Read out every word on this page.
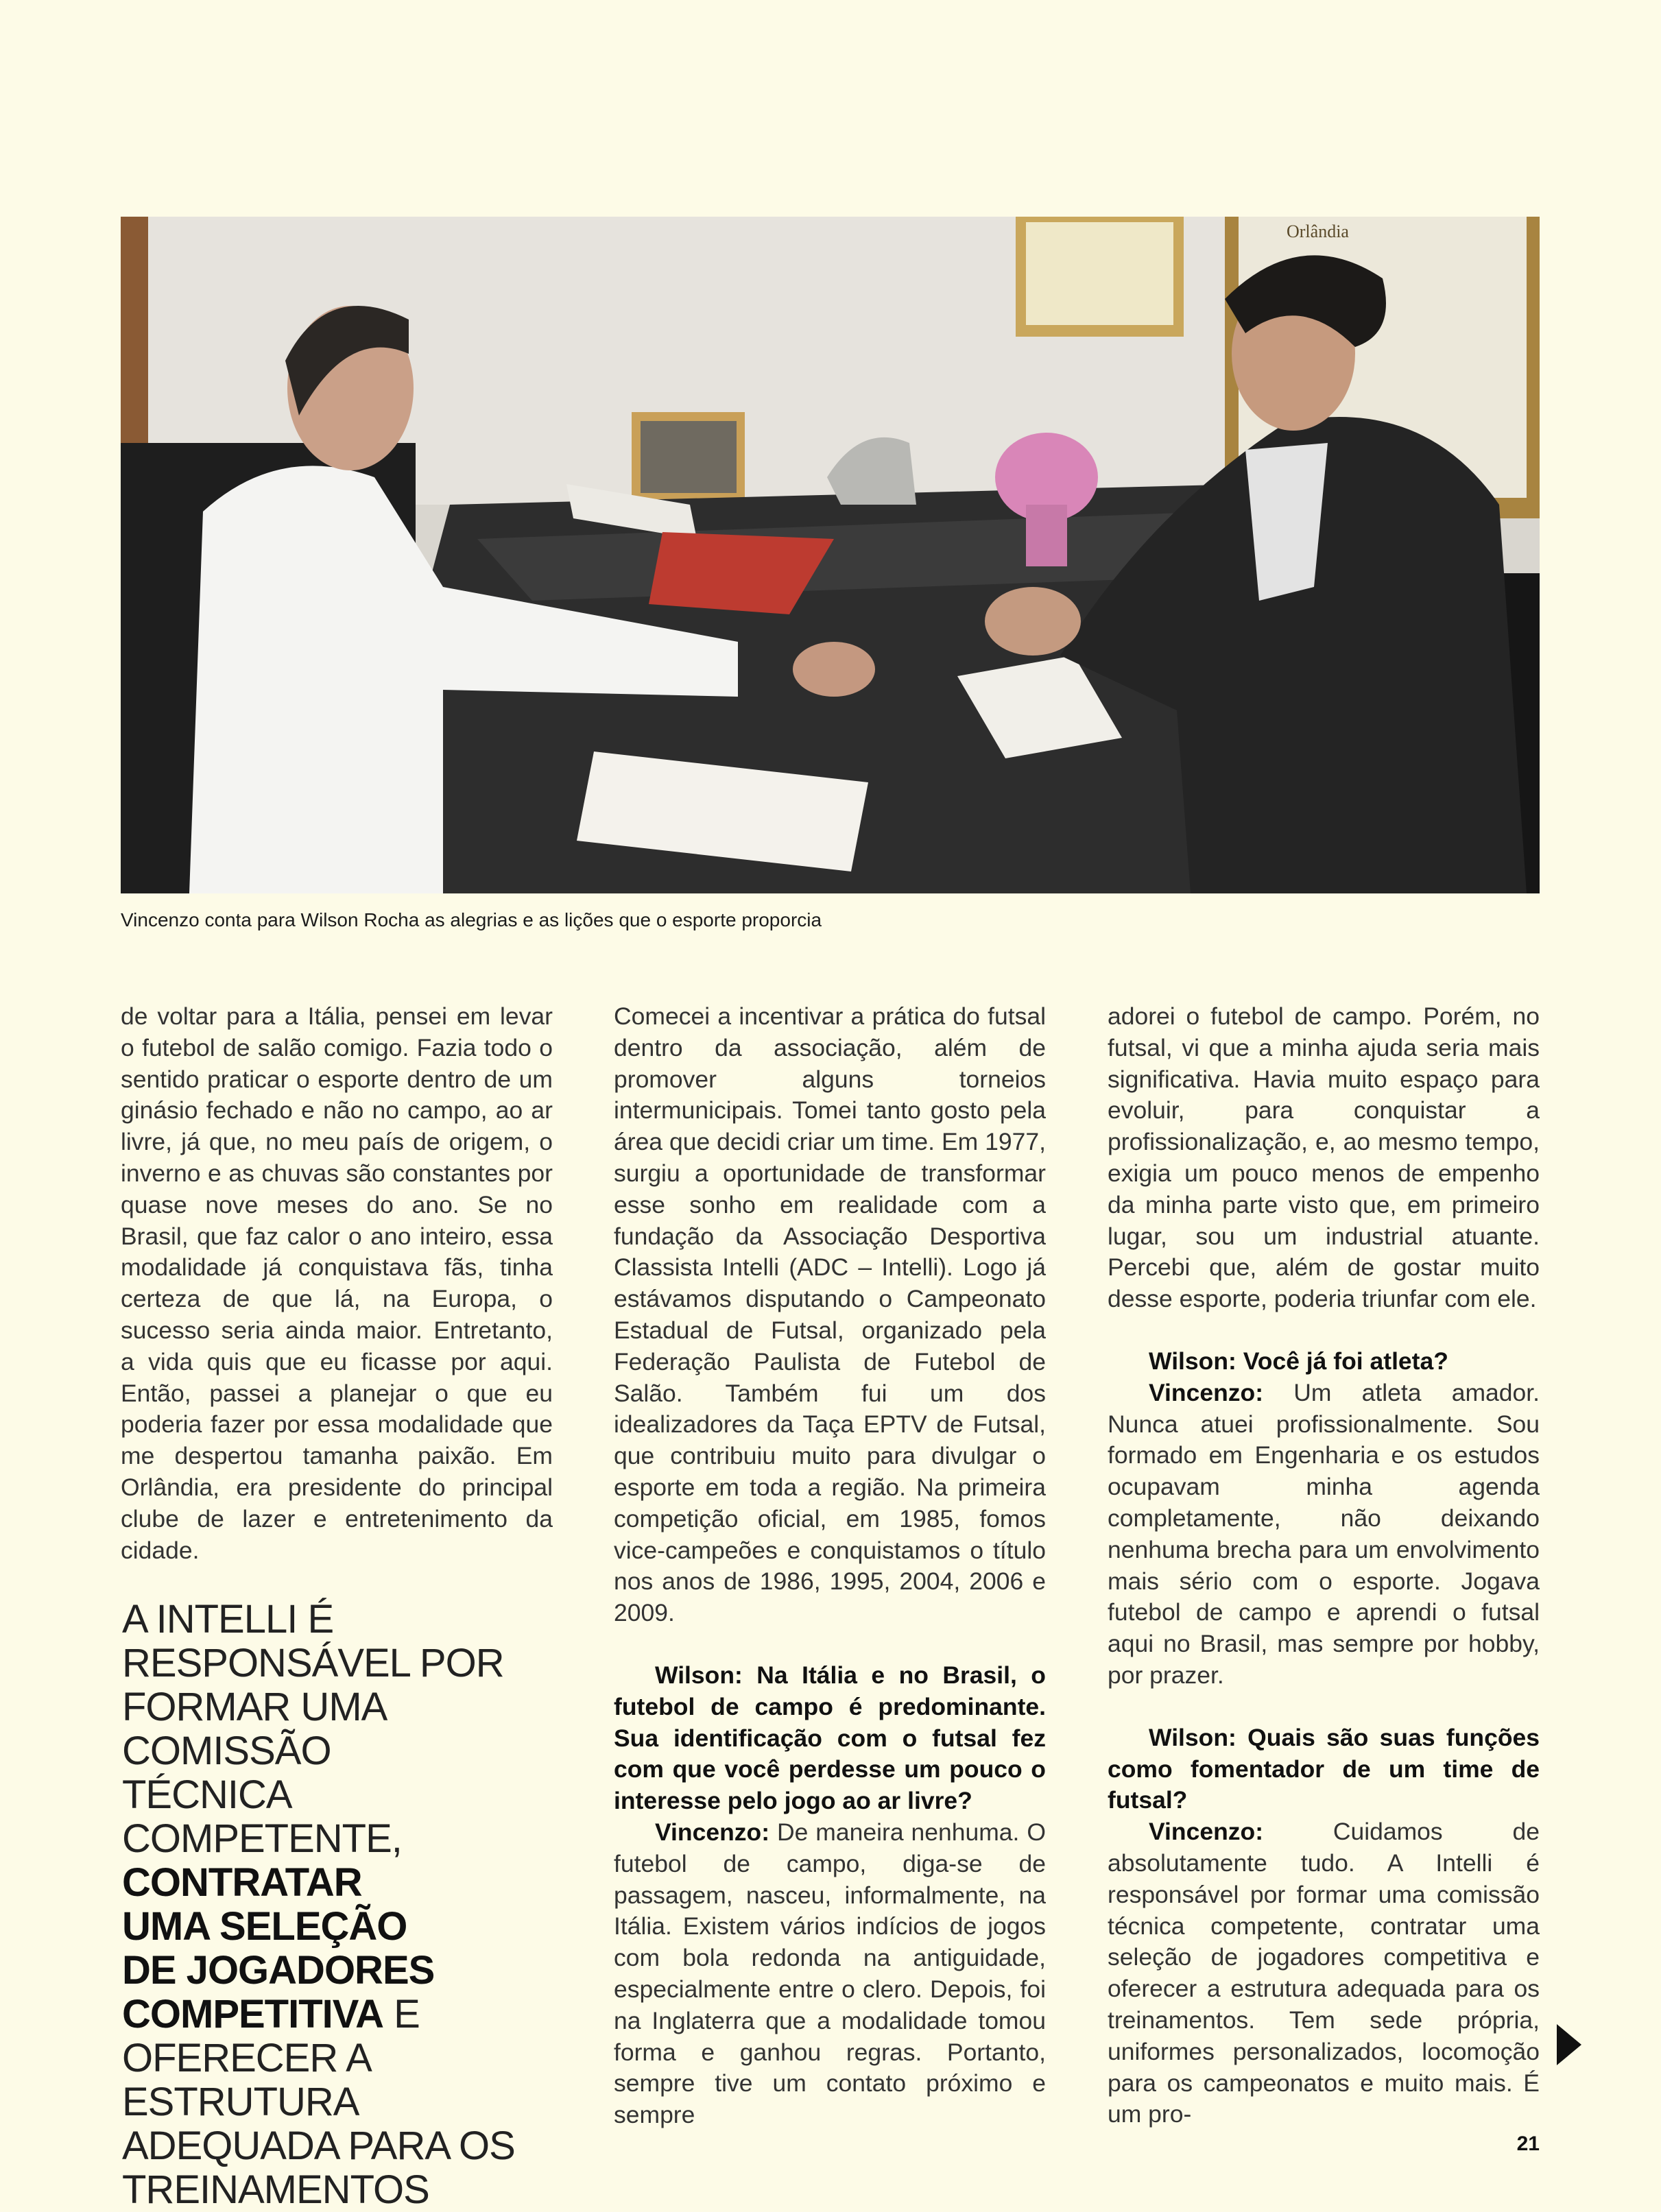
Orlândia
Vincenzo conta para Wilson Rocha as alegrias e as lições que o esporte proporcia

de voltar para a Itália, pensei em levar o futebol de salão comigo. Fazia todo o sentido praticar o esporte dentro de um ginásio fechado e não no campo, ao ar livre, já que, no meu país de origem, o inverno e as chuvas são constantes por quase nove meses do ano. Se no Brasil, que faz calor o ano inteiro, essa modalidade já conquistava fãs, tinha certeza de que lá, na Europa, o sucesso seria ainda maior. Entretanto, a vida quis que eu ficasse por aqui. Então, passei a planejar o que eu poderia fazer por essa modalidade que me despertou tamanha paixão. Em Orlândia, era presidente do principal clube de lazer e entretenimento da cidade.

A INTELLI É
RESPONSÁVEL POR
FORMAR UMA COMISSÃO
TÉCNICA COMPETENTE,
CONTRATAR
UMA SELEÇÃO
DE JOGADORES
COMPETITIVA E
OFERECER A ESTRUTURA
ADEQUADA PARA OS
TREINAMENTOS

Comecei a incentivar a prática do futsal dentro da associação, além de promover alguns torneios intermunicipais. Tomei tanto gosto pela área que decidi criar um time. Em 1977, surgiu a oportunidade de transformar esse sonho em realidade com a fundação da Associação Desportiva Classista Intelli (ADC – Intelli). Logo já estávamos disputando o Campeonato Estadual de Futsal, organizado pela Federação Paulista de Futebol de Salão. Também fui um dos idealizadores da Taça EPTV de Futsal, que contribuiu muito para divulgar o esporte em toda a região. Na primeira competição oficial, em 1985, fomos vice-campeões e conquistamos o título nos anos de 1986, 1995, 2004, 2006 e 2009.

Wilson: Na Itália e no Brasil, o futebol de campo é predominante. Sua identificação com o futsal fez com que você perdesse um pouco o interesse pelo jogo ao ar livre?

Vincenzo: De maneira nenhuma. O futebol de campo, diga-se de passagem, nasceu, informalmente, na Itália. Existem vários indícios de jogos com bola redonda na antiguidade, especialmente entre o clero. Depois, foi na Inglaterra que a modalidade tomou forma e ganhou regras. Portanto, sempre tive um contato próximo e sempre

adorei o futebol de campo. Porém, no futsal, vi que a minha ajuda seria mais significativa. Havia muito espaço para evoluir, para conquistar a profissionalização, e, ao mesmo tempo, exigia um pouco menos de empenho da minha parte visto que, em primeiro lugar, sou um industrial atuante. Percebi que, além de gostar muito desse esporte, poderia triunfar com ele.

Wilson: Você já foi atleta?

Vincenzo: Um atleta amador. Nunca atuei profissionalmente. Sou formado em Engenharia e os estudos ocupavam minha agenda completamente, não deixando nenhuma brecha para um envolvimento mais sério com o esporte. Jogava futebol de campo e aprendi o futsal aqui no Brasil, mas sempre por hobby, por prazer.

Wilson: Quais são suas funções como fomentador de um time de futsal?

Vincenzo: Cuidamos de absolutamente tudo. A Intelli é responsável por formar uma comissão técnica competente, contratar uma seleção de jogadores competitiva e oferecer a estrutura adequada para os treinamentos. Tem sede própria, uniformes personalizados, locomoção para os campeonatos e muito mais. É um pro-

21
